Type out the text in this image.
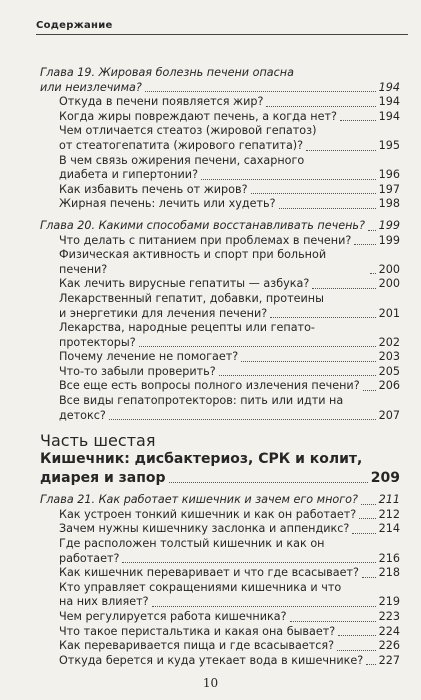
Содержание
Глава 19. Жировая болезнь печени опасна
или неизлечима?	194
Откуда в печени появляется жир?	194
Когда жиры повреждают печень, а когда нет?	194
Чем отличается стеатоз (жировой гепатоз)
от стеатогепатита (жирового гепатита)?	195
В чем связь ожирения печени, сахарного
диабета и гипертонии?	196
Как избавить печень от жиров?	197
Жирная печень: лечить или худеть?	198
Глава 20. Какими способами восстанавливать печень? 199
Что делать с питанием при проблемах в печени? 199
Физическая активность и спорт при больной печени?	200
Как лечить вирусные гепатиты — азбука?	200
Лекарственный гепатит, добавки, протеины
и энергетики для лечения печени?	201
Лекарства, народные рецепты или гепато-
протекторы?	202
Почему лечение не помогает?	203
Что-то забыли проверить?	205
Все еще есть вопросы полного излечения печени? 206
Все виды гепатопротекторов: пить или идти на
детокс?	207
Часть шестая
Кишечник: дисбактериоз, СРК и колит,
диарея и запор	209
Глава 21. Как работает кишечник и зачем его много? 211
Как устроен тонкий кишечник и как он работает? 212
Зачем нужны кишечнику заслонка и аппендикс?	214
Где расположен толстый кишечник и как он
работает?	216
Как кишечник переваривает и что где всасывает? 218
Кто управляет сокращениями кишечника и что
на них влияет?	219
Чем регулируется работа кишечника?	223
Что такое перистальтика и какая она бывает?	224
Как переваривается пища и где всасывается?	226
Откуда берется и куда утекает вода в кишечнике? 227
10
